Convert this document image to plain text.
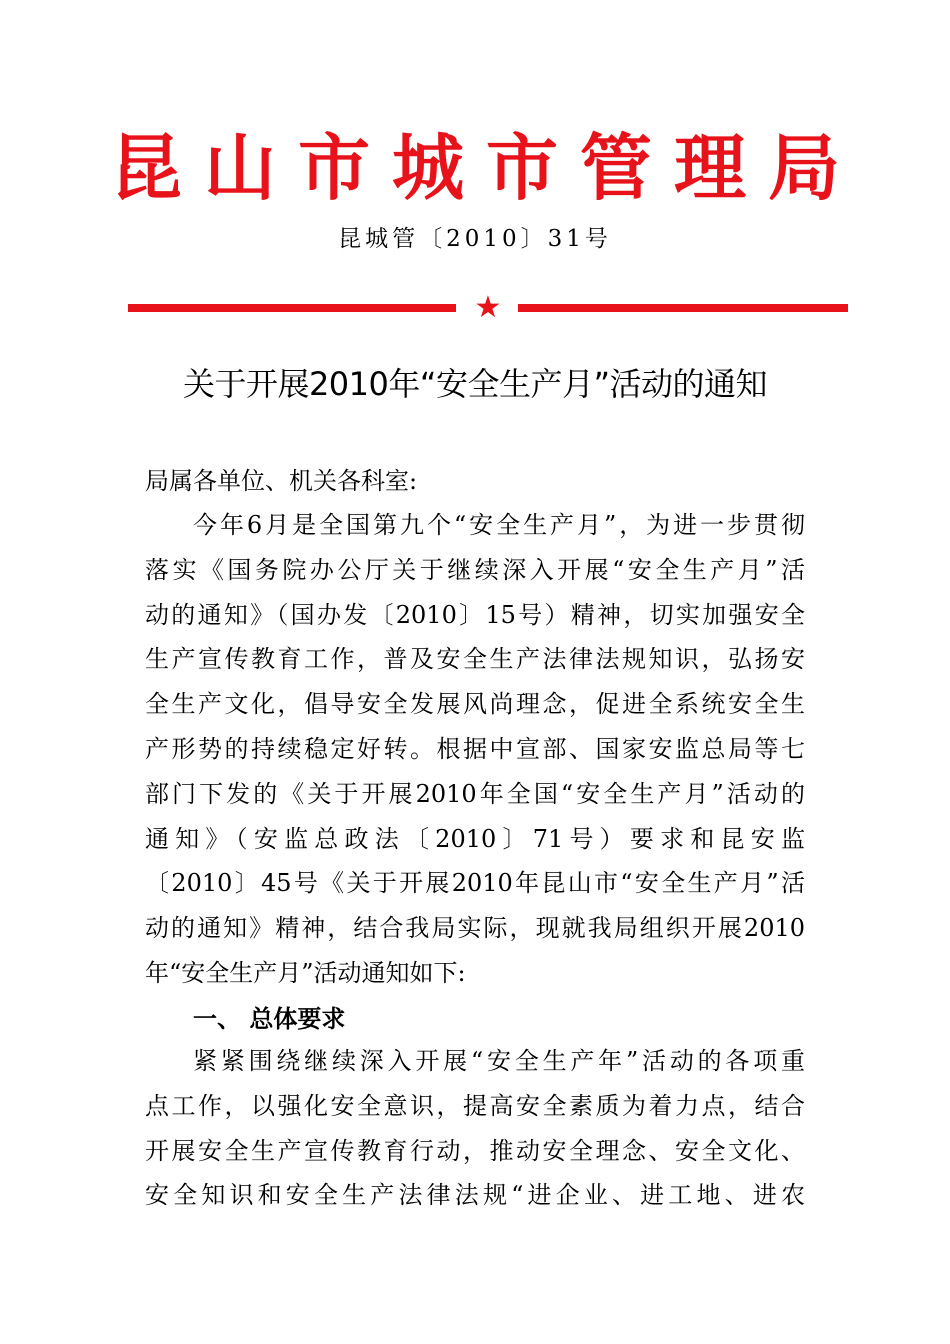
昆山市城市管理局
昆城管〔2010〕31号
★
关于开展2010年“安全生产月”活动的通知
局属各单位、机关各科室:
今年6月是全国第九个“安全生产月”，为进一步贯彻
落实《国务院办公厅关于继续深入开展“安全生产月”活
动的通知》（国办发〔2010〕15号）精神，切实加强安全
生产宣传教育工作，普及安全生产法律法规知识，弘扬安
全生产文化，倡导安全发展风尚理念，促进全系统安全生
产形势的持续稳定好转。根据中宣部、国家安监总局等七
部门下发的《关于开展2010年全国“安全生产月”活动的
通知》（安监总政法〔2010〕71号）要求和昆安监
〔2010〕45号《关于开展2010年昆山市“安全生产月”活
动的通知》精神，结合我局实际，现就我局组织开展2010
年“安全生产月”活动通知如下:
一、 总体要求
紧紧围绕继续深入开展“安全生产年”活动的各项重
点工作，以强化安全意识，提高安全素质为着力点，结合
开展安全生产宣传教育行动，推动安全理念、安全文化、
安全知识和安全生产法律法规“进企业、进工地、进农
